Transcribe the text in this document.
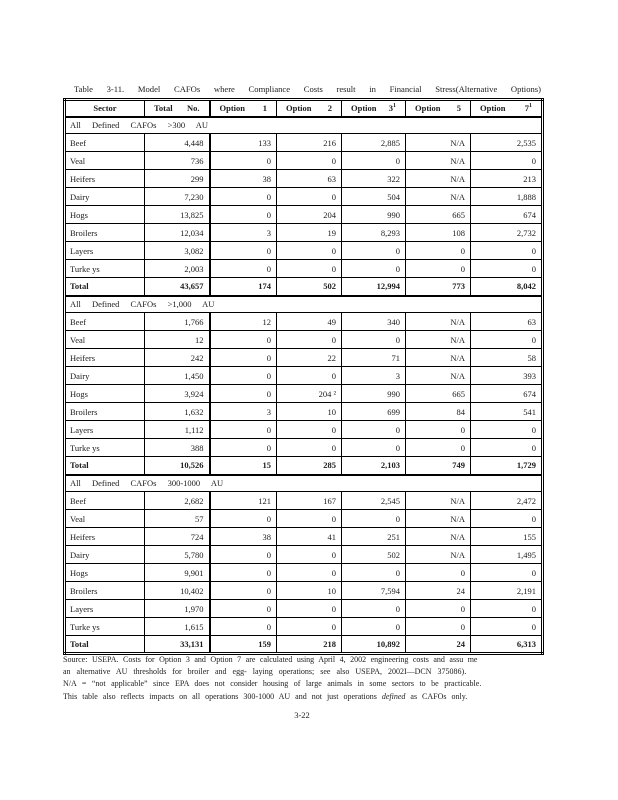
Table 3-11. Model CAFOs where Compliance Costs result in Financial Stress(Alternative Options)
Sector	Total No.	Option 1	Option 2	Option $3^1$	Option 5	Option $7^1$

All Defined CAFOs >300 AU						
Beef	4,448	133	216	2,885	N/A	2,535
Veal	736	0	0	0	N/A	0
Heifers	299	38	63	322	N/A	213
Dairy	7,230	0	0	504	N/A	1,888
Hogs	13,825	0	204	990	665	674
Broilers	12,034	3	19	8,293	108	2,732
Layers	3,082	0	0	0	0	0
Turke ys	2,003	0	0	0	0	0
Total	43,657	174	502	12,994	773	8,042
All Defined CAFOs >1,000 AU						
Beef	1,766	12	49	340	N/A	63
Veal	12	0	0	0	N/A	0
Heifers	242	0	22	71	N/A	58
Dairy	1,450	0	0	3	N/A	393
Hogs	3,924	0	204 ²	990	665	674
Broilers	1,632	3	10	699	84	541
Layers	1,112	0	0	0	0	0
Turke ys	388	0	0	0	0	0
Total	10,526	15	285	2,103	749	1,729
All Defined CAFOs 300-1000 AU						
Beef	2,682	121	167	2,545	N/A	2,472
Veal	57	0	0	0	N/A	0
Heifers	724	38	41	251	N/A	155
Dairy	5,780	0	0	502	N/A	1,495
Hogs	9,901	0	0	0	0	0
Broilers	10,402	0	10	7,594	24	2,191
Layers	1,970	0	0	0	0	0
Turke ys	1,615	0	0	0	0	0
Total	33,131	159	218	10,892	24	6,313
Source: USEPA. Costs for Option 3 and Option 7 are calculated using April 4, 2002 engineering costs and assu me
an alternative AU thresholds for broiler and egg- laying operations; see also USEPA, 2002I—DCN 375086).
N/A = “not applicable” since EPA does not consider housing of large animals in some sectors to be practicable.
This table also reflects impacts on all operations 300-1000 AU and not just operations defined as CAFOs only.
3-22
